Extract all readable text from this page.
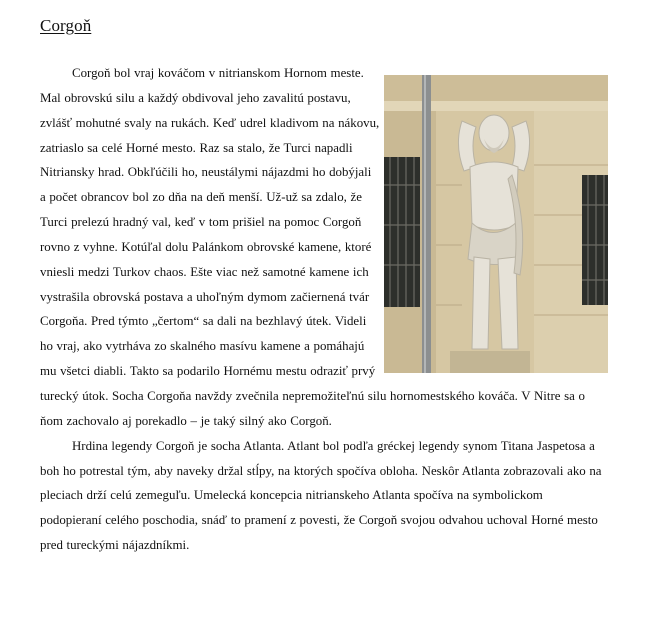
Corgoň

Corgoň bol vraj kováčom v nitrianskom Hornom meste. Mal obrovskú silu a každý obdivoval jeho zavalitú postavu, zvlášť mohutné svaly na rukách. Keď udrel kladivom na nákovu, zatriaslo sa celé Horné mesto. Raz sa stalo, že Turci napadli Nitriansky hrad. Obkľúčili ho, neustálymi nájazdmi ho dobýjali a počet obrancov bol zo dňa na deň menší. Už-už sa zdalo, že Turci prelezú hradný val, keď v tom prišiel na pomoc Corgoň rovno z vyhne. Kotúľal dolu Palánkom obrovské kamene, ktoré vniesli medzi Turkov chaos. Ešte viac než samotné kamene ich vystrašila obrovská postava a uhoľným dymom začiernená tvár Corgoňa. Pred týmto „čertom“ sa dali na bezhlavý útek. Videli ho vraj, ako vytrháva zo skalného masívu kamene a pomáhajú mu všetci diabli. Takto sa podarilo Hornému mestu odraziť prvý turecký útok. Socha Corgoňa navždy zvečnila nepremožiteľnú silu hornomestského kováča. V Nitre sa o ňom zachovalo aj porekadlo – je taký silný ako Corgoň.

Hrdina legendy Corgoň je socha Atlanta. Atlant bol podľa gréckej legendy synom Titana Jaspetosa a boh ho potrestal tým, aby naveky držal stĺpy, na ktorých spočíva obloha. Neskôr Atlanta zobrazovali ako na pleciach drží celú zemeguľu. Umelecká koncepcia nitrianskeho Atlanta spočíva na symbolickom podopieraní celého poschodia, snáď to pramení z povesti, že Corgoň svojou odvahou uchoval Horné mesto pred tureckými nájazdníkmi.
